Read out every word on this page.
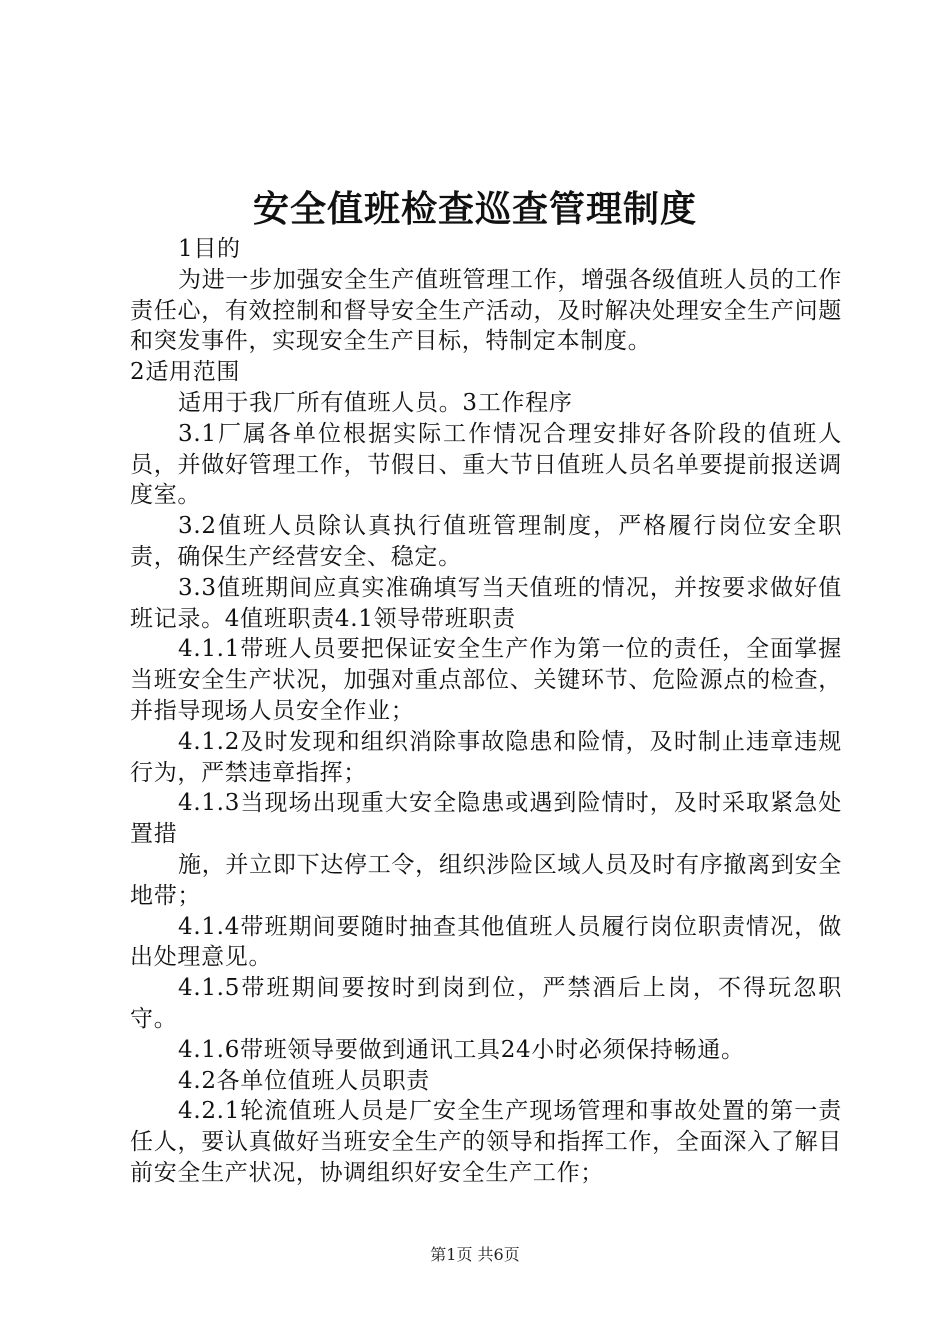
安全值班检查巡查管理制度

1目的

为进一步加强安全生产值班管理工作，增强各级值班人员的工作责任心，有效控制和督导安全生产活动，及时解决处理安全生产问题和突发事件，实现安全生产目标，特制定本制度。

2适用范围

适用于我厂所有值班人员。3工作程序

3.1厂属各单位根据实际工作情况合理安排好各阶段的值班人员，并做好管理工作，节假日、重大节日值班人员名单要提前报送调度室。

3.2值班人员除认真执行值班管理制度，严格履行岗位安全职责，确保生产经营安全、稳定。

3.3值班期间应真实准确填写当天值班的情况，并按要求做好值班记录。4值班职责4.1领导带班职责

4.1.1带班人员要把保证安全生产作为第一位的责任，全面掌握当班安全生产状况，加强对重点部位、关键环节、危险源点的检查，并指导现场人员安全作业；

4.1.2及时发现和组织消除事故隐患和险情，及时制止违章违规行为，严禁违章指挥；

4.1.3当现场出现重大安全隐患或遇到险情时，及时采取紧急处置措

施，并立即下达停工令，组织涉险区域人员及时有序撤离到安全地带；

4.1.4带班期间要随时抽查其他值班人员履行岗位职责情况，做出处理意见。

4.1.5带班期间要按时到岗到位，严禁酒后上岗，不得玩忽职守。

4.1.6带班领导要做到通讯工具24小时必须保持畅通。

4.2各单位值班人员职责

4.2.1轮流值班人员是厂安全生产现场管理和事故处置的第一责任人，要认真做好当班安全生产的领导和指挥工作，全面深入了解目前安全生产状况，协调组织好安全生产工作；

第1页 共6页
